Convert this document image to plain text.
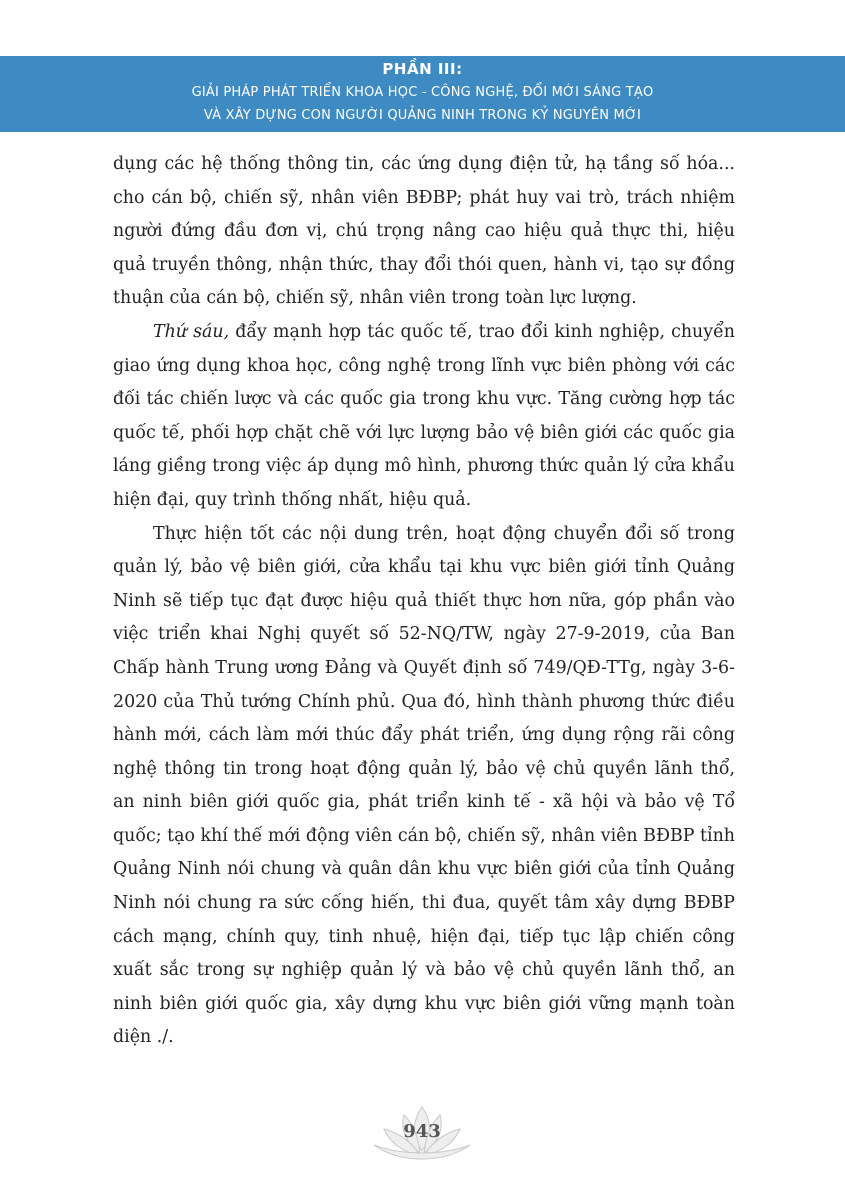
PHẦN III:
GIẢI PHÁP PHÁT TRIỂN KHOA HỌC - CÔNG NGHỆ, ĐỔI MỚI SÁNG TẠO
VÀ XÂY DỰNG CON NGƯỜI QUẢNG NINH TRONG KỶ NGUYÊN MỚI

dụng các hệ thống thông tin, các ứng dụng điện tử, hạ tầng số hóa... cho cán bộ, chiến sỹ, nhân viên BĐBP; phát huy vai trò, trách nhiệm người đứng đầu đơn vị, chú trọng nâng cao hiệu quả thực thi, hiệu quả truyền thông, nhận thức, thay đổi thói quen, hành vi, tạo sự đồng thuận của cán bộ, chiến sỹ, nhân viên trong toàn lực lượng.

Thứ sáu, đẩy mạnh hợp tác quốc tế, trao đổi kinh nghiệp, chuyển giao ứng dụng khoa học, công nghệ trong lĩnh vực biên phòng với các đối tác chiến lược và các quốc gia trong khu vực. Tăng cường hợp tác quốc tế, phối hợp chặt chẽ với lực lượng bảo vệ biên giới các quốc gia láng giềng trong việc áp dụng mô hình, phương thức quản lý cửa khẩu hiện đại, quy trình thống nhất, hiệu quả.

Thực hiện tốt các nội dung trên, hoạt động chuyển đổi số trong quản lý, bảo vệ biên giới, cửa khẩu tại khu vực biên giới tỉnh Quảng Ninh sẽ tiếp tục đạt được hiệu quả thiết thực hơn nữa, góp phần vào việc triển khai Nghị quyết số 52-NQ/TW, ngày 27-9-2019, của Ban Chấp hành Trung ương Đảng và Quyết định số 749/QĐ-TTg, ngày 3-6-2020 của Thủ tướng Chính phủ. Qua đó, hình thành phương thức điều hành mới, cách làm mới thúc đẩy phát triển, ứng dụng rộng rãi công nghệ thông tin trong hoạt động quản lý, bảo vệ chủ quyền lãnh thổ, an ninh biên giới quốc gia, phát triển kinh tế - xã hội và bảo vệ Tổ quốc; tạo khí thế mới động viên cán bộ, chiến sỹ, nhân viên BĐBP tỉnh Quảng Ninh nói chung và quân dân khu vực biên giới của tỉnh Quảng Ninh nói chung ra sức cống hiến, thi đua, quyết tâm xây dựng BĐBP cách mạng, chính quy, tinh nhuệ, hiện đại, tiếp tục lập chiến công xuất sắc trong sự nghiệp quản lý và bảo vệ chủ quyền lãnh thổ, an ninh biên giới quốc gia, xây dựng khu vực biên giới vững mạnh toàn diện ./.

943
